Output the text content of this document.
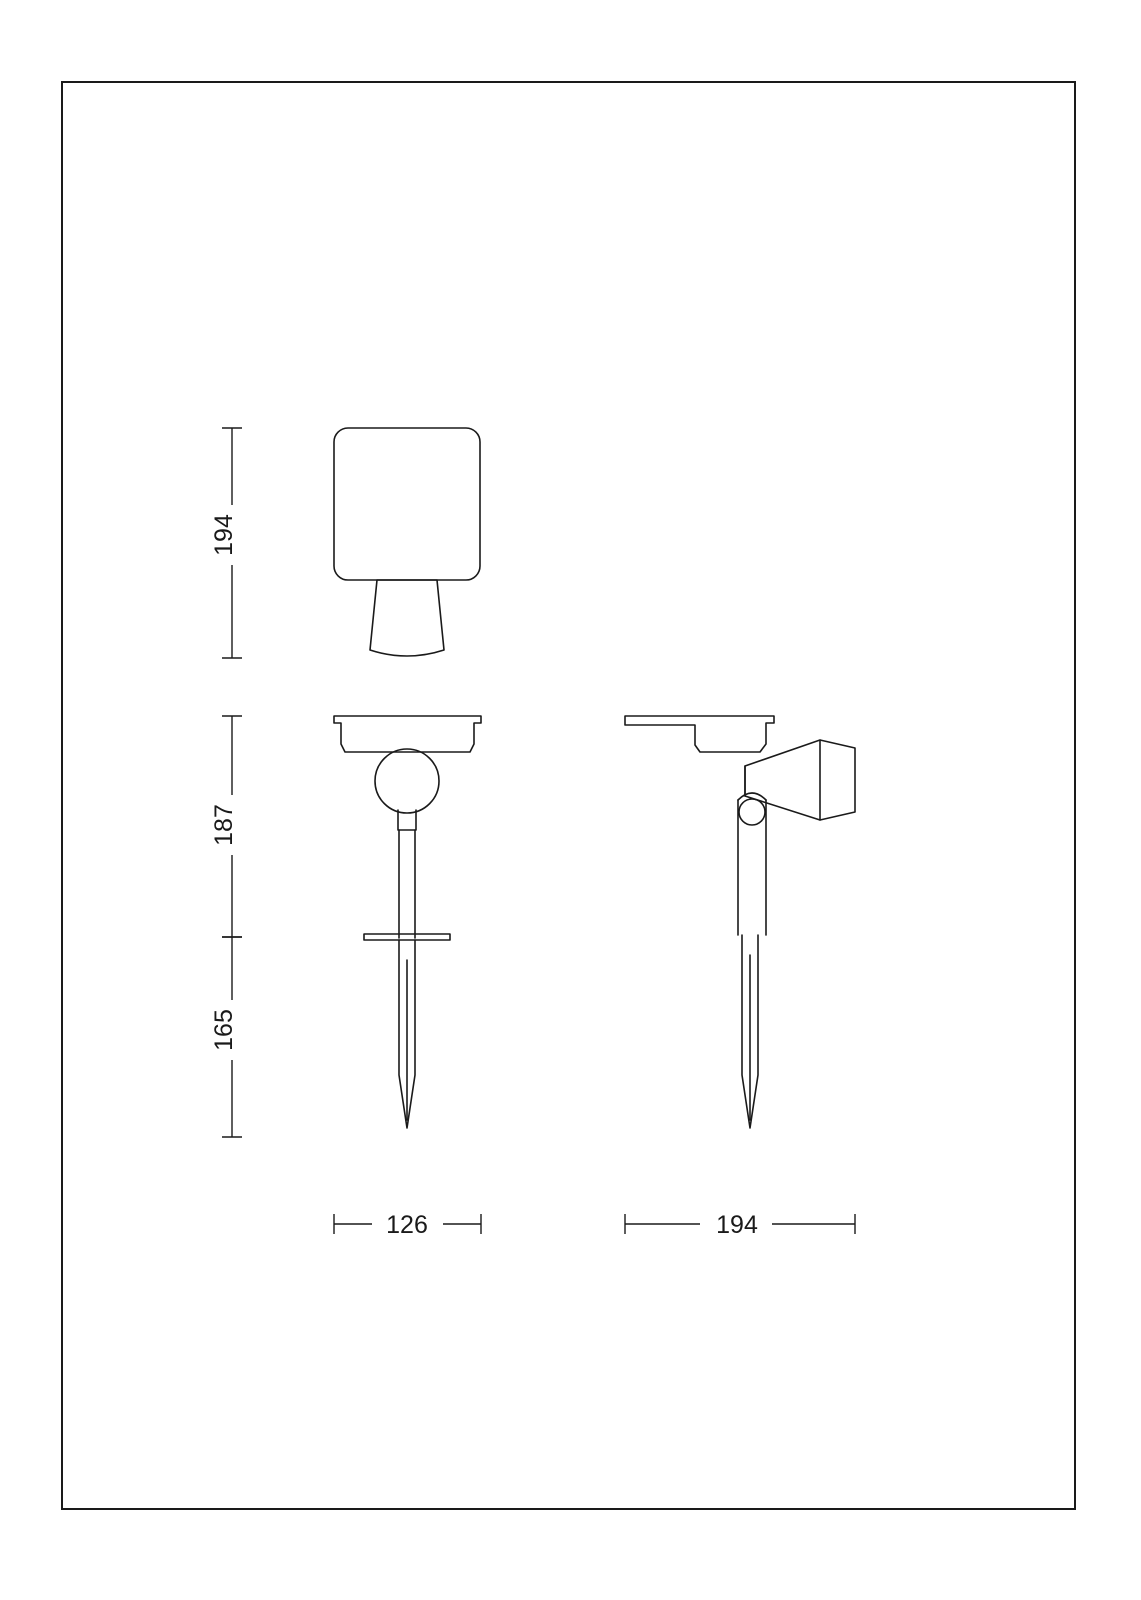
194
187
165
126	194
